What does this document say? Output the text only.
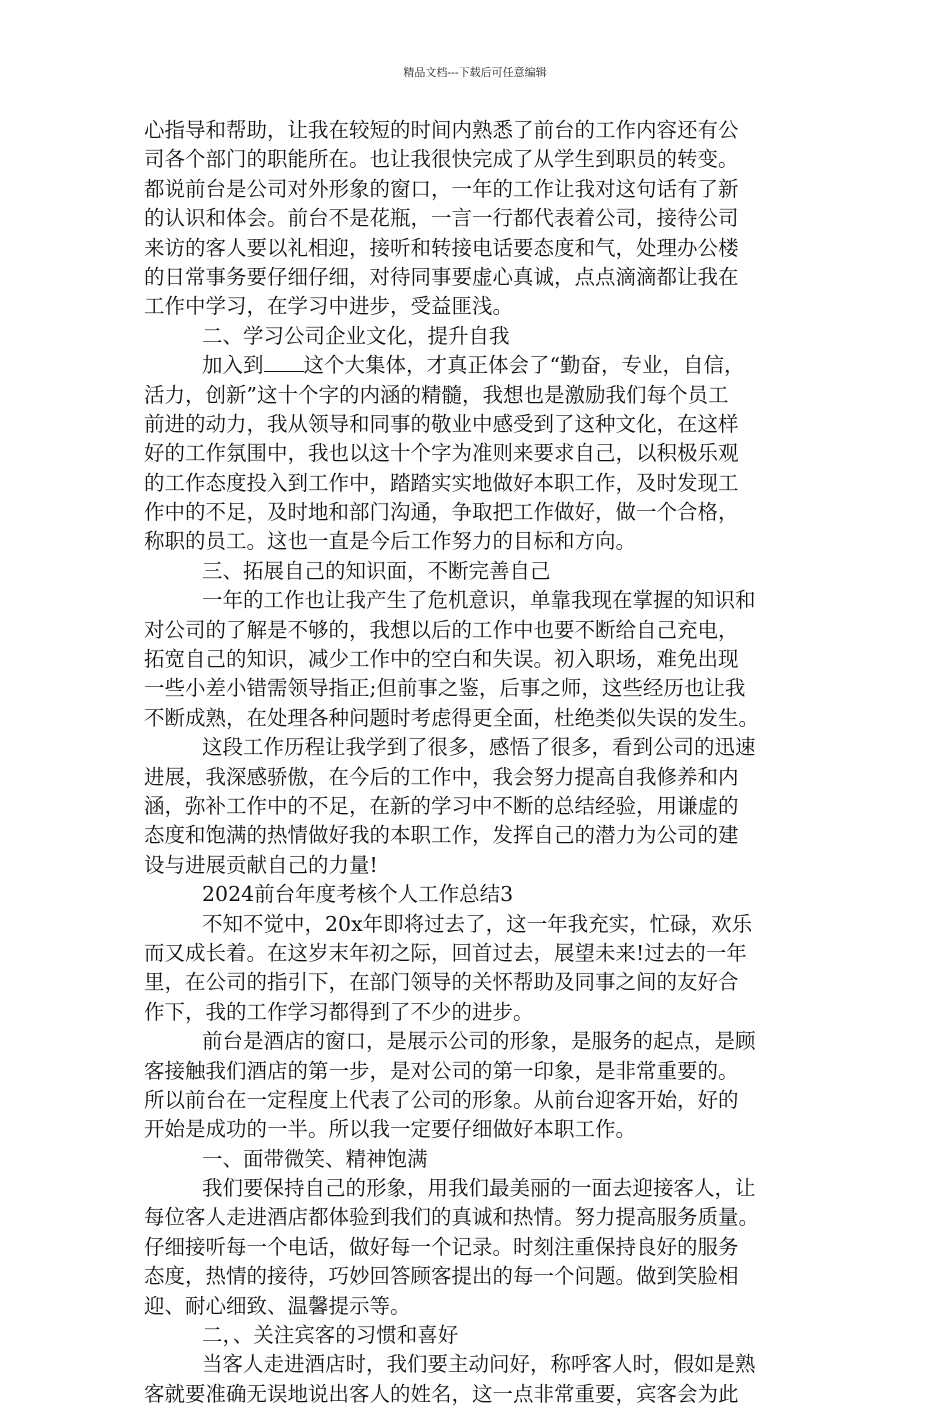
精品文档---下载后可任意编辑
心指导和帮助，让我在较短的时间内熟悉了前台的工作内容还有公
司各个部门的职能所在。也让我很快完成了从学生到职员的转变。
都说前台是公司对外形象的窗口，一年的工作让我对这句话有了新
的认识和体会。前台不是花瓶，一言一行都代表着公司，接待公司
来访的客人要以礼相迎，接听和转接电话要态度和气，处理办公楼
的日常事务要仔细仔细，对待同事要虚心真诚，点点滴滴都让我在
工作中学习，在学习中进步，受益匪浅。
二、学习公司企业文化，提升自我
加入到 这个大集体，才真正体会了“勤奋，专业，自信，
活力，创新”这十个字的内涵的精髓，我想也是激励我们每个员工
前进的动力，我从领导和同事的敬业中感受到了这种文化，在这样
好的工作氛围中，我也以这十个字为准则来要求自己，以积极乐观
的工作态度投入到工作中，踏踏实实地做好本职工作，及时发现工
作中的不足，及时地和部门沟通，争取把工作做好，做一个合格，
称职的员工。这也一直是今后工作努力的目标和方向。
三、拓展自己的知识面，不断完善自己
一年的工作也让我产生了危机意识，单靠我现在掌握的知识和
对公司的了解是不够的，我想以后的工作中也要不断给自己充电，
拓宽自己的知识，减少工作中的空白和失误。初入职场，难免出现
一些小差小错需领导指正;但前事之鉴，后事之师，这些经历也让我
不断成熟，在处理各种问题时考虑得更全面，杜绝类似失误的发生。
这段工作历程让我学到了很多，感悟了很多，看到公司的迅速
进展，我深感骄傲，在今后的工作中，我会努力提高自我修养和内
涵，弥补工作中的不足，在新的学习中不断的总结经验，用谦虚的
态度和饱满的热情做好我的本职工作，发挥自己的潜力为公司的建
设与进展贡献自己的力量!
2024前台年度考核个人工作总结3
不知不觉中，20x年即将过去了，这一年我充实，忙碌，欢乐
而又成长着。在这岁末年初之际，回首过去，展望未来!过去的一年
里，在公司的指引下，在部门领导的关怀帮助及同事之间的友好合
作下，我的工作学习都得到了不少的进步。
前台是酒店的窗口，是展示公司的形象，是服务的起点，是顾
客接触我们酒店的第一步，是对公司的第一印象，是非常重要的。
所以前台在一定程度上代表了公司的形象。从前台迎客开始，好的
开始是成功的一半。所以我一定要仔细做好本职工作。
一、面带微笑、精神饱满
我们要保持自己的形象，用我们最美丽的一面去迎接客人，让
每位客人走进酒店都体验到我们的真诚和热情。努力提高服务质量。
仔细接听每一个电话，做好每一个记录。时刻注重保持良好的服务
态度，热情的接待，巧妙回答顾客提出的每一个问题。做到笑脸相
迎、耐心细致、温馨提示等。
二，、关注宾客的习惯和喜好
当客人走进酒店时，我们要主动问好，称呼客人时，假如是熟
客就要准确无误地说出客人的姓名，这一点非常重要，宾客会为此
